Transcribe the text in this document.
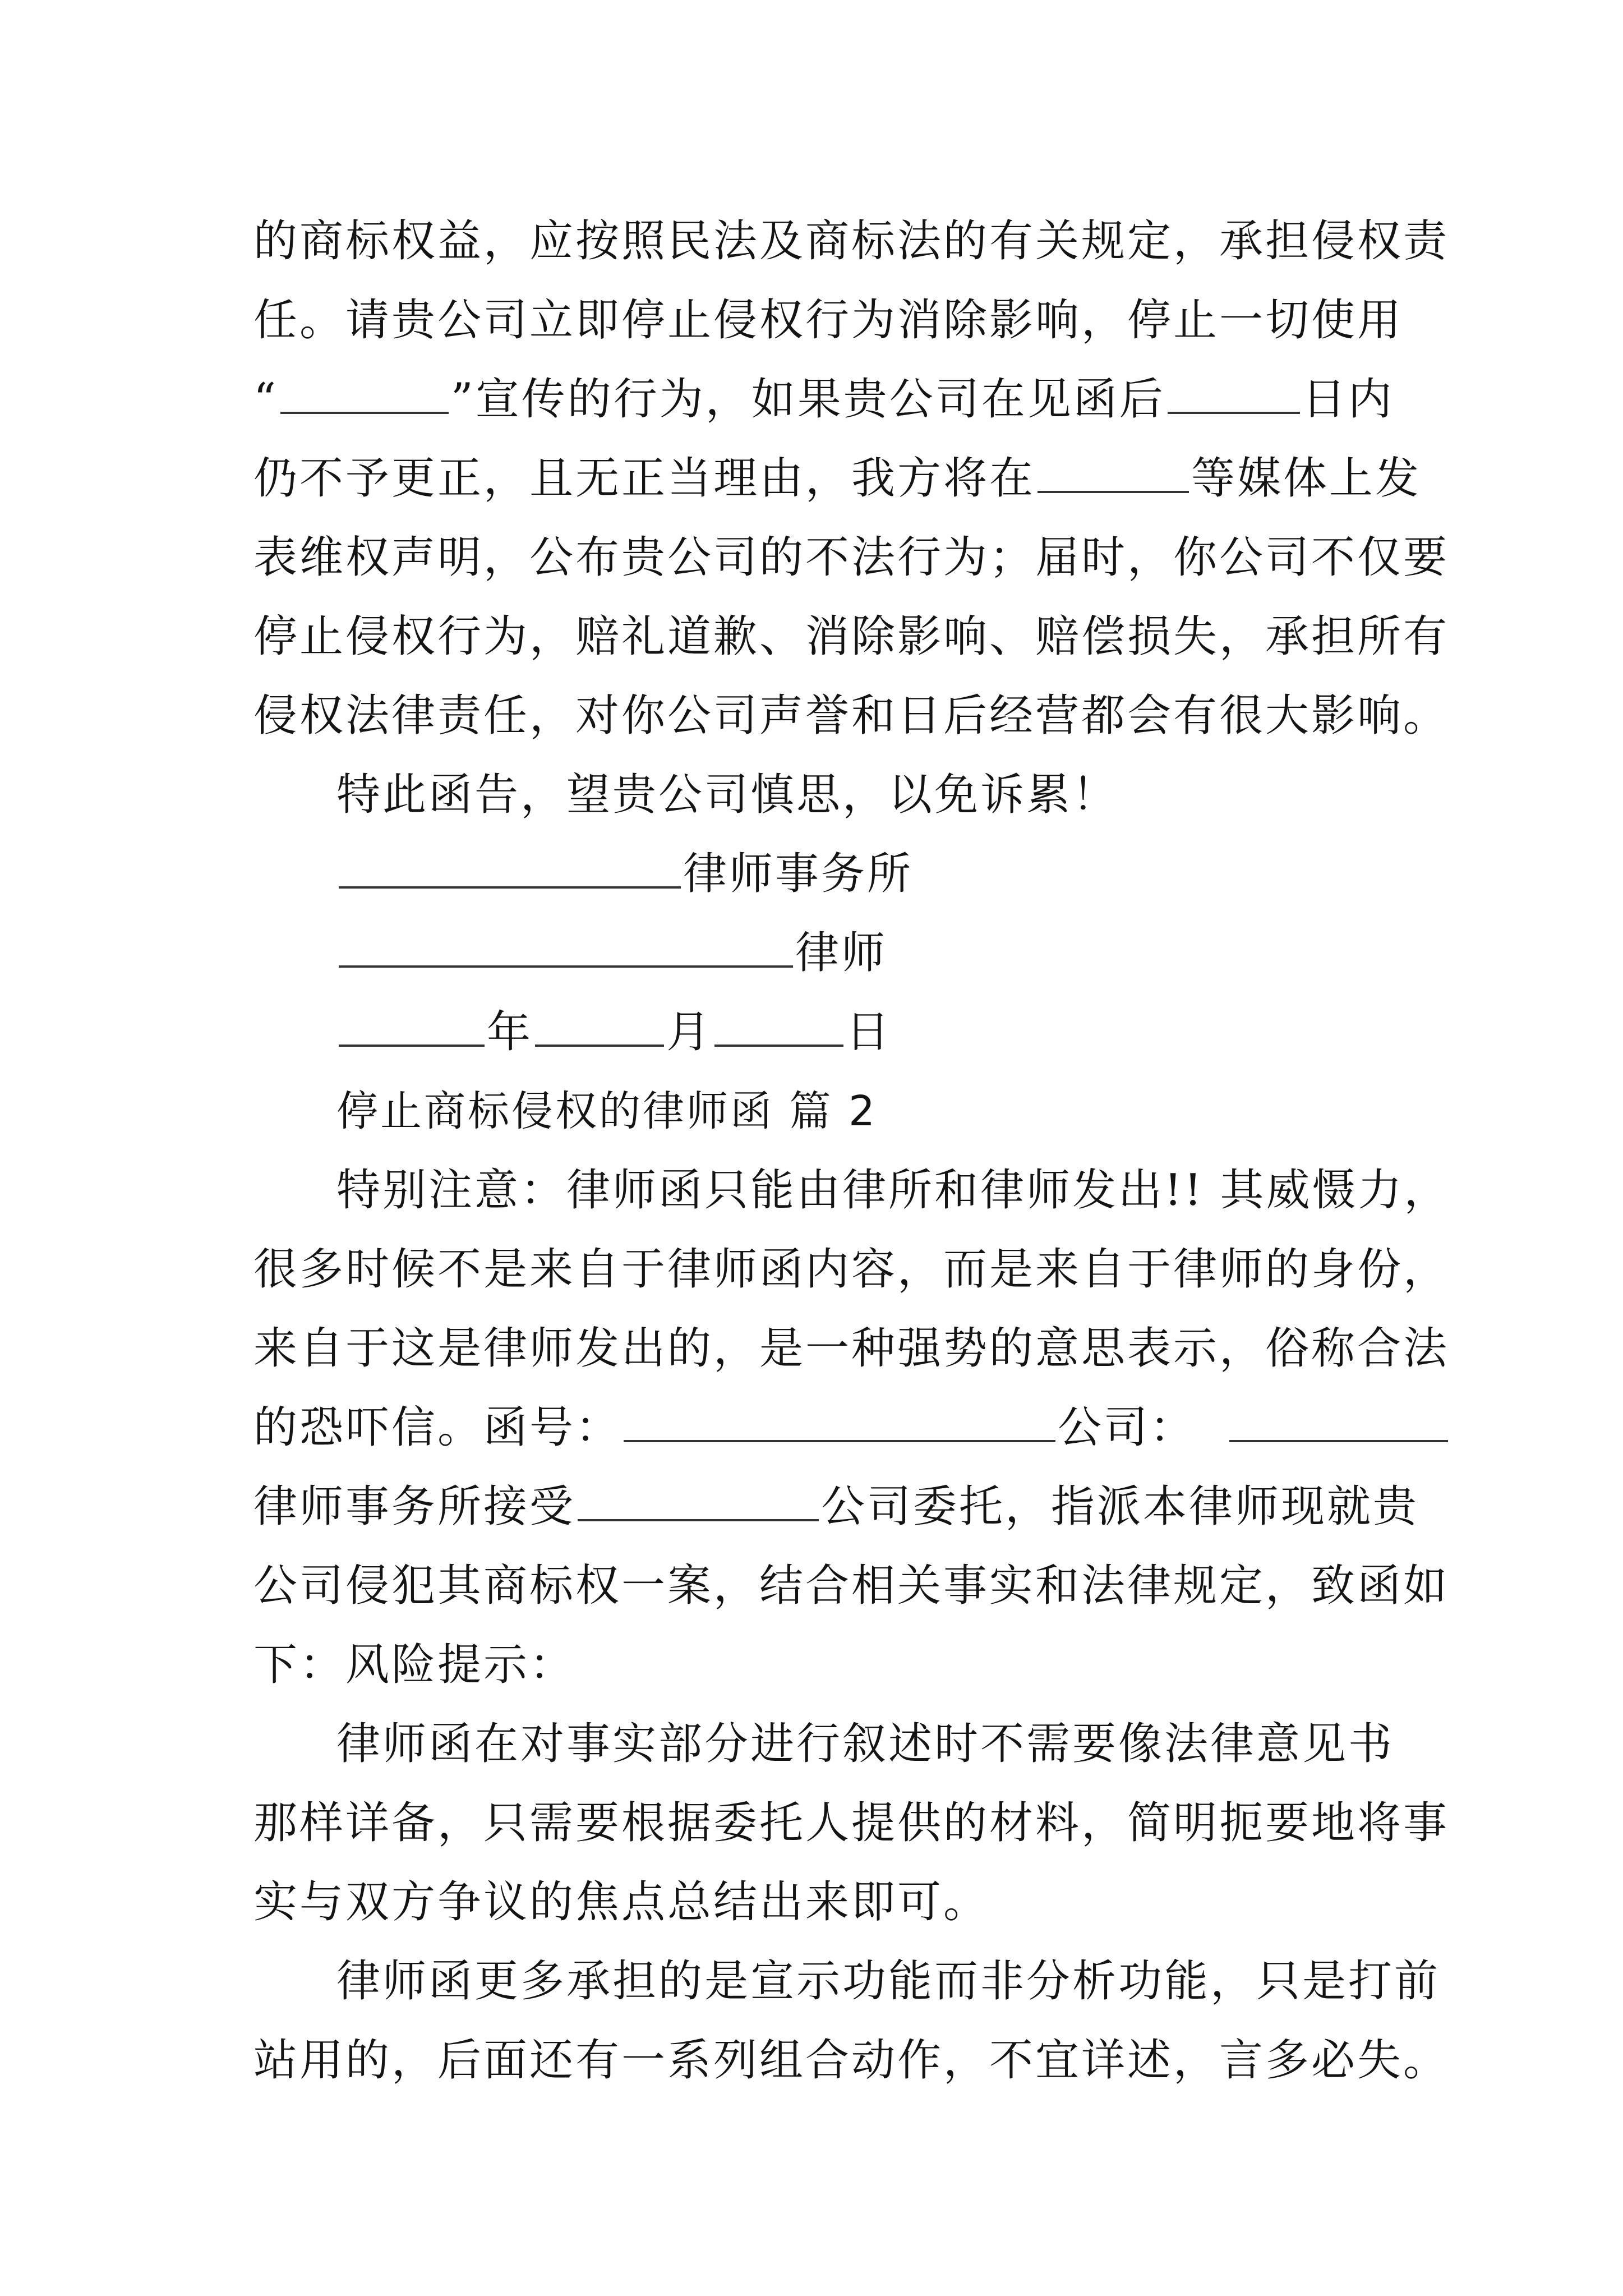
的商标权益，应按照民法及商标法的有关规定，承担侵权责
任。请贵公司立即停止侵权行为消除影响，停止一切使用
“	”宣传的行为，如果贵公司在见函后	日内
仍不予更正，且无正当理由，我方将在	等媒体上发
表维权声明，公布贵公司的不法行为；届时，你公司不仅要
停止侵权行为，赔礼道歉、消除影响、赔偿损失，承担所有
侵权法律责任，对你公司声誉和日后经营都会有很大影响。
特此函告，望贵公司慎思，以免诉累！
律师事务所
律师
年	月	日
停止商标侵权的律师函 篇 2
特别注意：律师函只能由律所和律师发出!! 其威慑力，
很多时候不是来自于律师函内容，而是来自于律师的身份，
来自于这是律师发出的，是一种强势的意思表示，俗称合法
的恐吓信。函号：	公司：
律师事务所接受	公司委托，指派本律师现就贵
公司侵犯其商标权一案，结合相关事实和法律规定，致函如
下：风险提示：
律师函在对事实部分进行叙述时不需要像法律意见书
那样详备，只需要根据委托人提供的材料，简明扼要地将事
实与双方争议的焦点总结出来即可。
律师函更多承担的是宣示功能而非分析功能，只是打前
站用的，后面还有一系列组合动作，不宜详述，言多必失。
